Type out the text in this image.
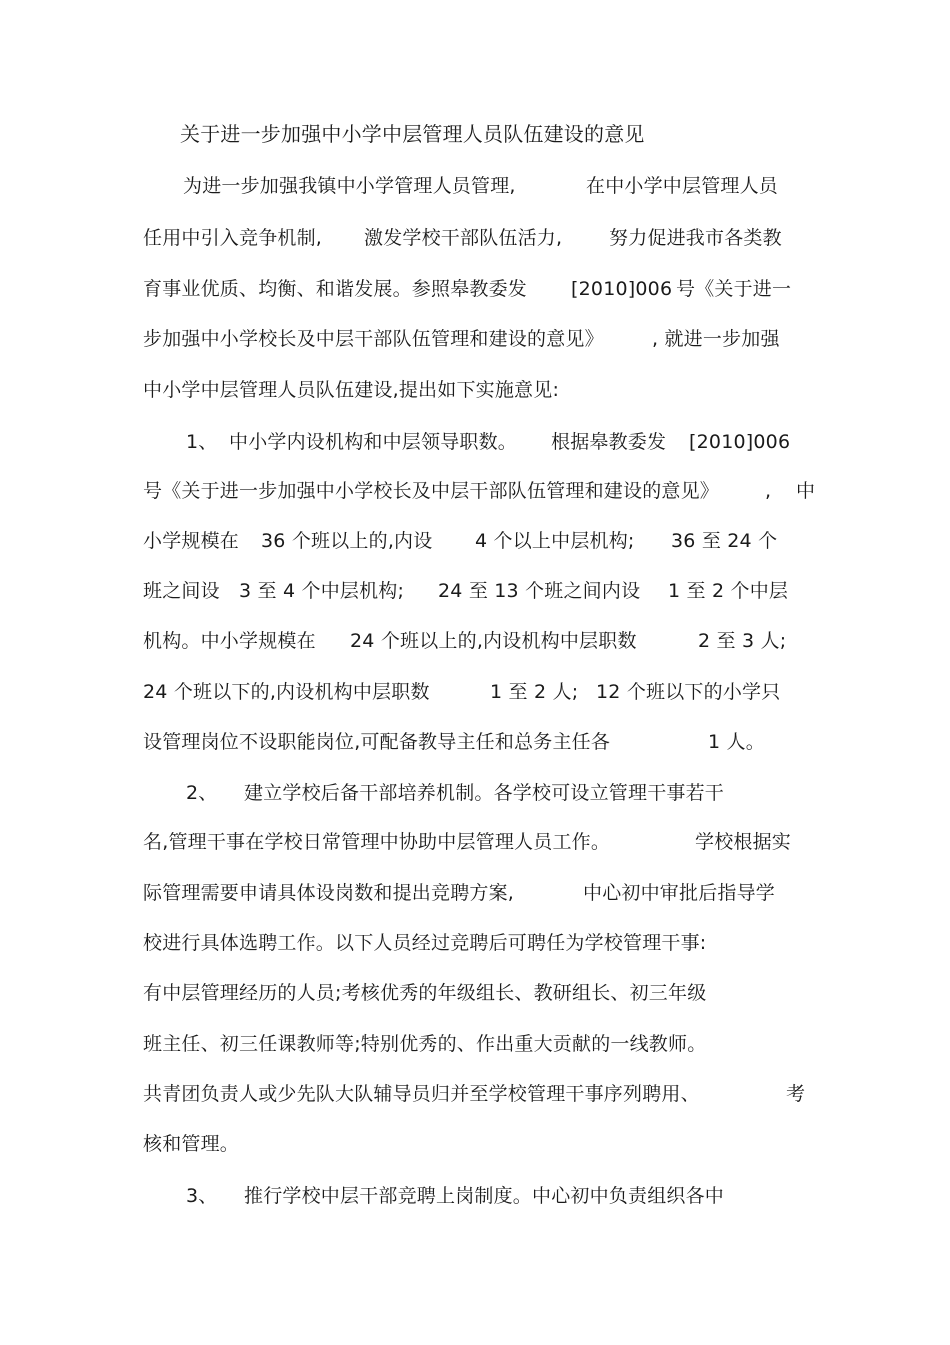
关于进一步加强中小学中层管理人员队伍建设的意见
为进一步加强我镇中小学管理人员管理,	在中小学中层管理人员
任用中引入竞争机制, 激发学校干部队伍活力, 努力促进我市各类教
育事业优质、均衡、和谐发展。参照皋教委发 [2010]006 号《关于进一
步加强中小学校长及中层干部队伍管理和建设的意见》	, 就进一步加强
中小学中层管理人员队伍建设,提出如下实施意见:
1、 中小学内设机构和中层领导职数。 根据皋教委发 [2010]006
号《关于进一步加强中小学校长及中层干部队伍管理和建设的意见》 , 中
小学规模在 36 个班以上的,内设 4 个以上中层机构; 36 至 24 个
班之间设 3 至 4 个中层机构; 24 至 13 个班之间内设 1 至 2 个中层
机构。中小学规模在 24 个班以上的,内设机构中层职数	2 至 3 人;
24 个班以下的,内设机构中层职数	1 至 2 人; 12 个班以下的小学只
设管理岗位不设职能岗位,可配备教导主任和总务主任各	1 人。
2、 建立学校后备干部培养机制。各学校可设立管理干事若干
名,管理干事在学校日常管理中协助中层管理人员工作。	学校根据实
际管理需要申请具体设岗数和提出竞聘方案,	中心初中审批后指导学
校进行具体选聘工作。以下人员经过竞聘后可聘任为学校管理干事:
有中层管理经历的人员;考核优秀的年级组长、教研组长、初三年级
班主任、初三任课教师等;特别优秀的、作出重大贡献的一线教师。
共青团负责人或少先队大队辅导员归并至学校管理干事序列聘用、	考
核和管理。
3、 推行学校中层干部竞聘上岗制度。中心初中负责组织各中
